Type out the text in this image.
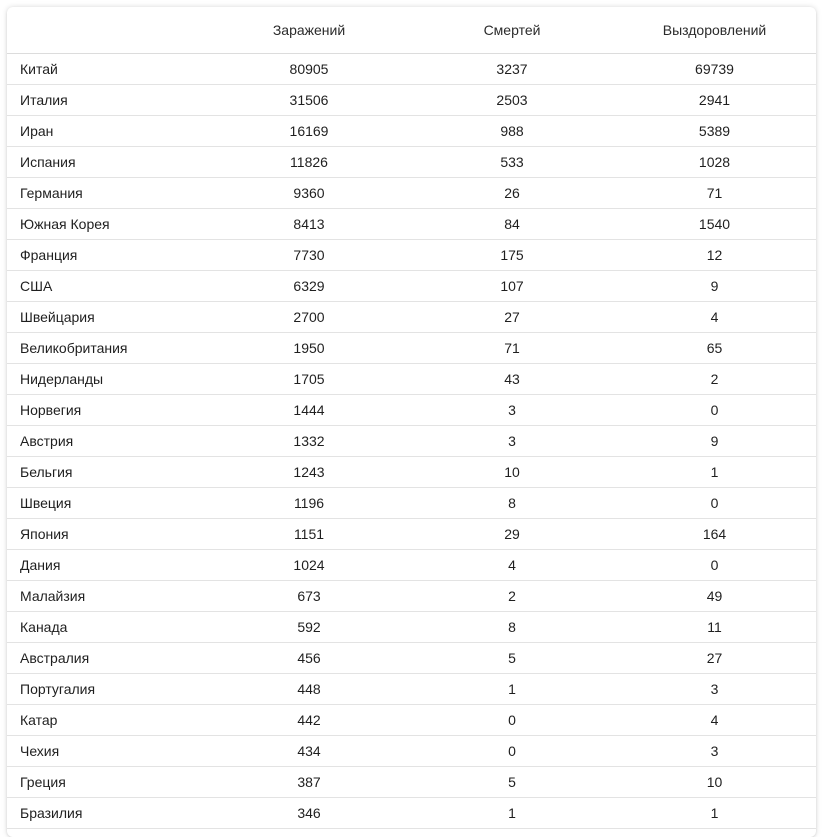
	Заражений	Смертей	Выздоровлений
Китай	80905	3237	69739
Италия	31506	2503	2941
Иран	16169	988	5389
Испания	11826	533	1028
Германия	9360	26	71
Южная Корея	8413	84	1540
Франция	7730	175	12
США	6329	107	9
Швейцария	2700	27	4
Великобритания	1950	71	65
Нидерланды	1705	43	2
Норвегия	1444	3	0
Австрия	1332	3	9
Бельгия	1243	10	1
Швеция	1196	8	0
Япония	1151	29	164
Дания	1024	4	0
Малайзия	673	2	49
Канада	592	8	11
Австралия	456	5	27
Португалия	448	1	3
Катар	442	0	4
Чехия	434	0	3
Греция	387	5	10
Бразилия	346	1	1
